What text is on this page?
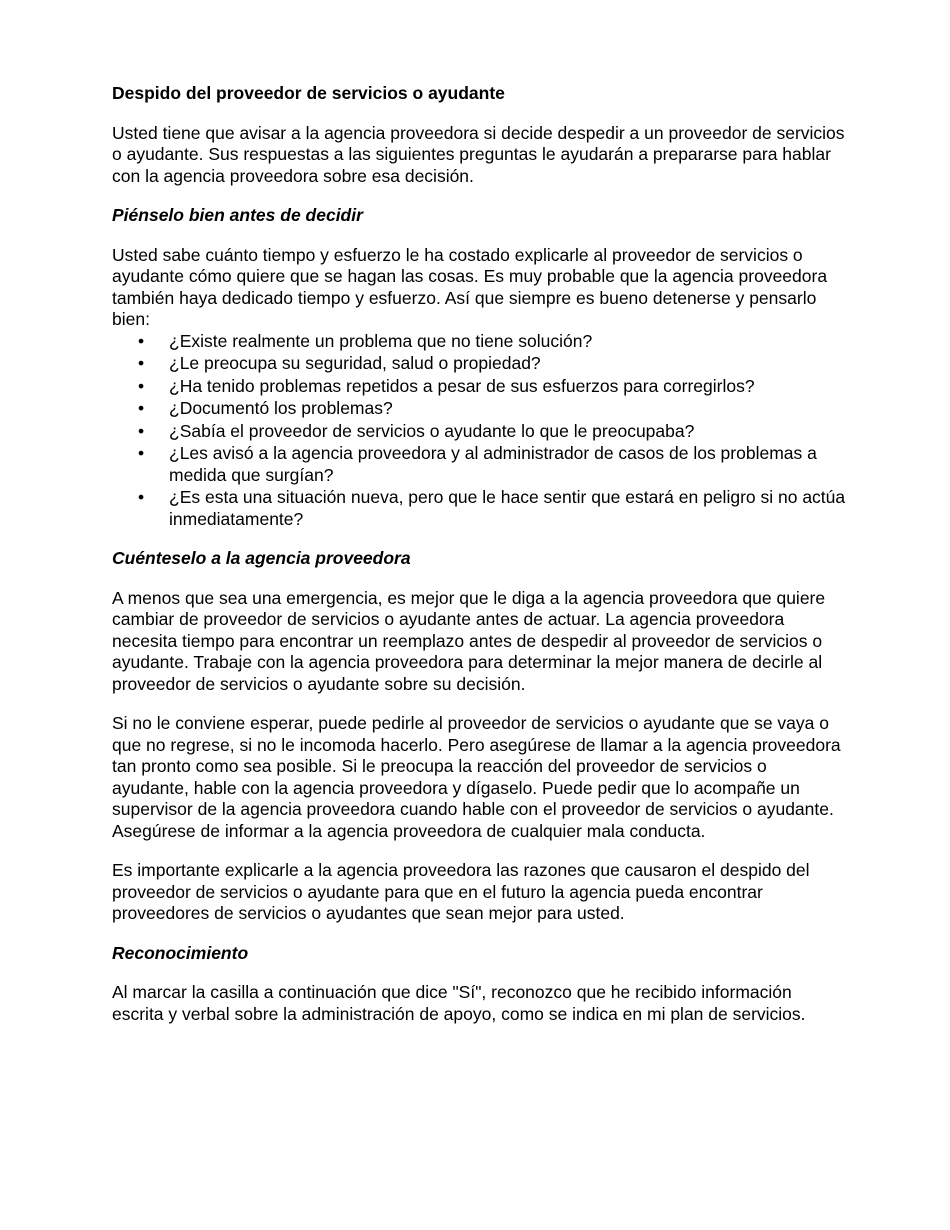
Despido del proveedor de servicios o ayudante

Usted tiene que avisar a la agencia proveedora si decide despedir a un proveedor de servicios o ayudante. Sus respuestas a las siguientes preguntas le ayudarán a prepararse para hablar con la agencia proveedora sobre esa decisión.

Piénselo bien antes de decidir

Usted sabe cuánto tiempo y esfuerzo le ha costado explicarle al proveedor de servicios o ayudante cómo quiere que se hagan las cosas. Es muy probable que la agencia proveedora también haya dedicado tiempo y esfuerzo. Así que siempre es bueno detenerse y pensarlo bien:

• ¿Existe realmente un problema que no tiene solución?
• ¿Le preocupa su seguridad, salud o propiedad?
• ¿Ha tenido problemas repetidos a pesar de sus esfuerzos para corregirlos?
• ¿Documentó los problemas?
• ¿Sabía el proveedor de servicios o ayudante lo que le preocupaba?
• ¿Les avisó a la agencia proveedora y al administrador de casos de los problemas a medida que surgían?
• ¿Es esta una situación nueva, pero que le hace sentir que estará en peligro si no actúa inmediatamente?
Cuénteselo a la agencia proveedora

A menos que sea una emergencia, es mejor que le diga a la agencia proveedora que quiere cambiar de proveedor de servicios o ayudante antes de actuar. La agencia proveedora necesita tiempo para encontrar un reemplazo antes de despedir al proveedor de servicios o ayudante. Trabaje con la agencia proveedora para determinar la mejor manera de decirle al proveedor de servicios o ayudante sobre su decisión.

Si no le conviene esperar, puede pedirle al proveedor de servicios o ayudante que se vaya o que no regrese, si no le incomoda hacerlo. Pero asegúrese de llamar a la agencia proveedora tan pronto como sea posible. Si le preocupa la reacción del proveedor de servicios o ayudante, hable con la agencia proveedora y dígaselo. Puede pedir que lo acompañe un supervisor de la agencia proveedora cuando hable con el proveedor de servicios o ayudante. Asegúrese de informar a la agencia proveedora de cualquier mala conducta.

Es importante explicarle a la agencia proveedora las razones que causaron el despido del proveedor de servicios o ayudante para que en el futuro la agencia pueda encontrar proveedores de servicios o ayudantes que sean mejor para usted.

Reconocimiento

Al marcar la casilla a continuación que dice "Sí", reconozco que he recibido información escrita y verbal sobre la administración de apoyo, como se indica en mi plan de servicios.
